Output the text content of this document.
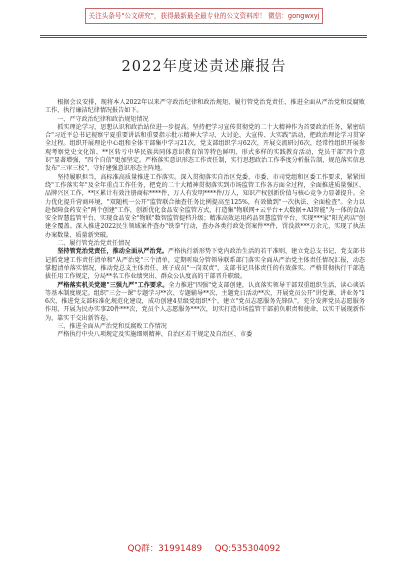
关注头条号"公文研究"，获得最新最全最专业的公文资料库！ 微信：gongwxyj
2022年度述责述廉报告

根据会议安排，现将本人2022年以来严守政治纪律和政治规矩、履行管党治党责任、推进全面从严治党和反腐败工作、执行廉洁纪律情况报告如下。

一、严守政治纪律和政治规矩情况

抓实理论学习，思想认识和政治站位进一步提高。坚持把学习宣传贯彻党的二十大精神作为首要政治任务，紧密结合"习近平总书记视察宁夏重要讲话和重要指示批示精神大学习、大讨论、大宣传、大实践"活动，把政治理论学习贯穿全过程。组织开展理论中心组和全体干部集中学习21次，党支部组织学习62次，开展交流研讨6次，经常性组织开展参观考察党史文化馆、**区转亏中华民族共同体意识教育馆等特色鲜明、形式多样的实践教育活动，党员干部"四个意识"显著增强，"四个自信"更加坚定。严格落实意识形态工作责任制，实行思想政治工作季度分析报告制，规范落实信息发布"三审三校"，守好建强意识形态主阵地。

坚持履职担当，高标准高质量推进工作落实。深入贯彻落实自治区党委、市委、市司党组和区委工作要求，紧紧围绕"工作落实年"及全年重点工作任务，把党的二十大精神贯彻落实到市场监管工作各方面全过程，全面推进质量强区、品牌兴区工作，**区累计有效注册商标****件，万人有发明****件/万人，知识产权创新价值与核心竞争力显著提升。全力优化提升营商环境，"双随机一公开"监管联合抽查任务比例提高至125%，有效做到"一次执法、全面检查"。全力以赴保障食药安全"两个创建"工作，创新优化食品安全监管方式，打造集"物联网+云平台+大数据+AI智能"为一体的食品安全智慧监管平台，实现食品安全"物联"数智监管提档升级；精准高效运用药品智慧监管平台，实现***家"阳光药店"创建全覆盖。深入推进2022民生领域案件查办"铁拳"行动，查办各类行政处罚案件**件，罚没款***万余元，实现了执法办案数量、质量新突破。

二、履行管党治党责任情况

坚持管党治党责任，推动全面从严治党。严格执行新形势下党内政治生活的若干准则，建立党总支书记、党支部书记抓党建工作责任清单和"从严治党"三个清单，定期听取分管领导联系部门落实全面从严治党主体责任情况汇报，动态掌握清单落实情况，推动党总支主体责任、班子成员"一岗双责"、支部书记具体责任的有效落实。严格贯彻执行干部选拔任用工作规定，分局**名工作业绩突出、群众公认度高的干部晋升职级。

严格落实机关党建"三强九严"工作要求。全力推进"四强"党支部创建，认真落实领导干部双重组织生活、读心谈话等基本制度规定。组织"三会一课"专题学习**次、专题辅导**次、主题党日活动**次，开展党员公开"讲党课、讲业务"16次，推进党支部标准化规范化建设，成功创建4星级党组织*个，建立"党员志愿服务先锋队"，充分发挥党员志愿服务作用，开展为民办实事20件***次，党员个人志愿服务***次，切实打造市场监管干部前负职责和使命，以实干展现新作为，靠实干交出新答卷。

三、推进全面从严治党和反腐败工作情况

严格执行中央八项规定及实施细则精神、自治区若干规定及自治区、市委

QQ群：31991489 QQ:535304092
